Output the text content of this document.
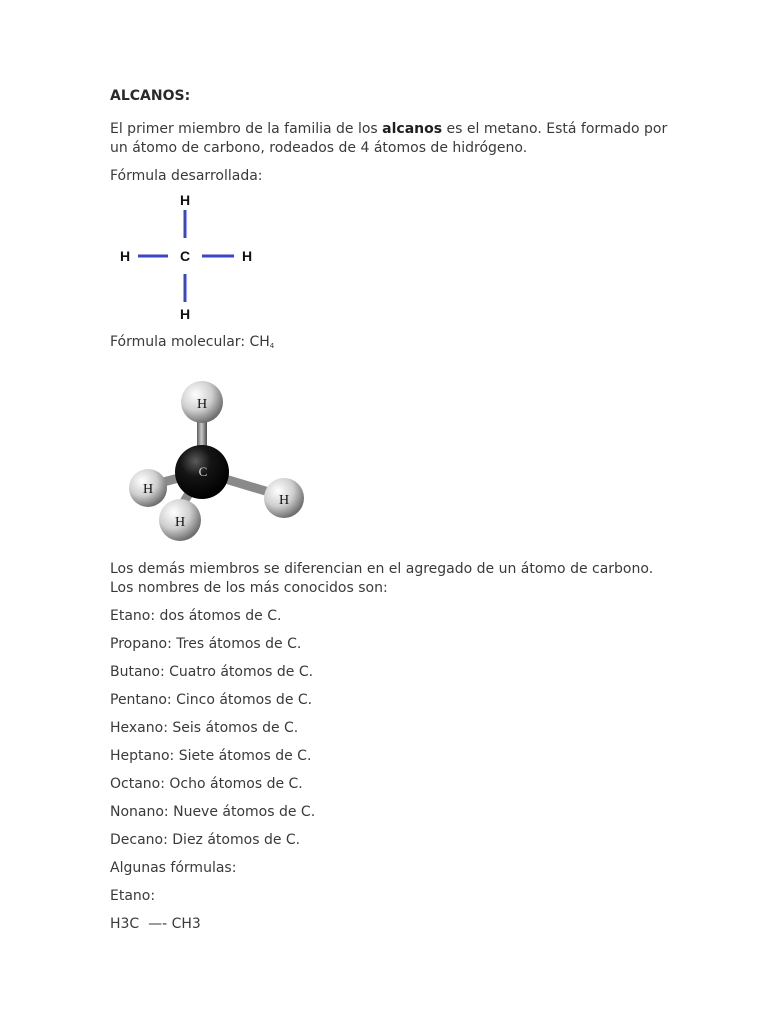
ALCANOS:

El primer miembro de la familia de los alcanos es el metano. Está formado por un átomo de carbono, rodeados de 4 átomos de hidrógeno.

Fórmula desarrollada:

H
C
H	H
H

Fórmula molecular: $CH_4$

H
H
H
H
C

Los demás miembros se diferencian en el agregado de un átomo de carbono. Los nombres de los más conocidos son:

Etano: dos átomos de C.

Propano: Tres átomos de C.

Butano: Cuatro átomos de C.

Pentano: Cinco átomos de C.

Hexano: Seis átomos de C.

Heptano: Siete átomos de C.

Octano: Ocho átomos de C.

Nonano: Nueve átomos de C.

Decano: Diez átomos de C.

Algunas fórmulas:

Etano:

H3C  —- CH3
